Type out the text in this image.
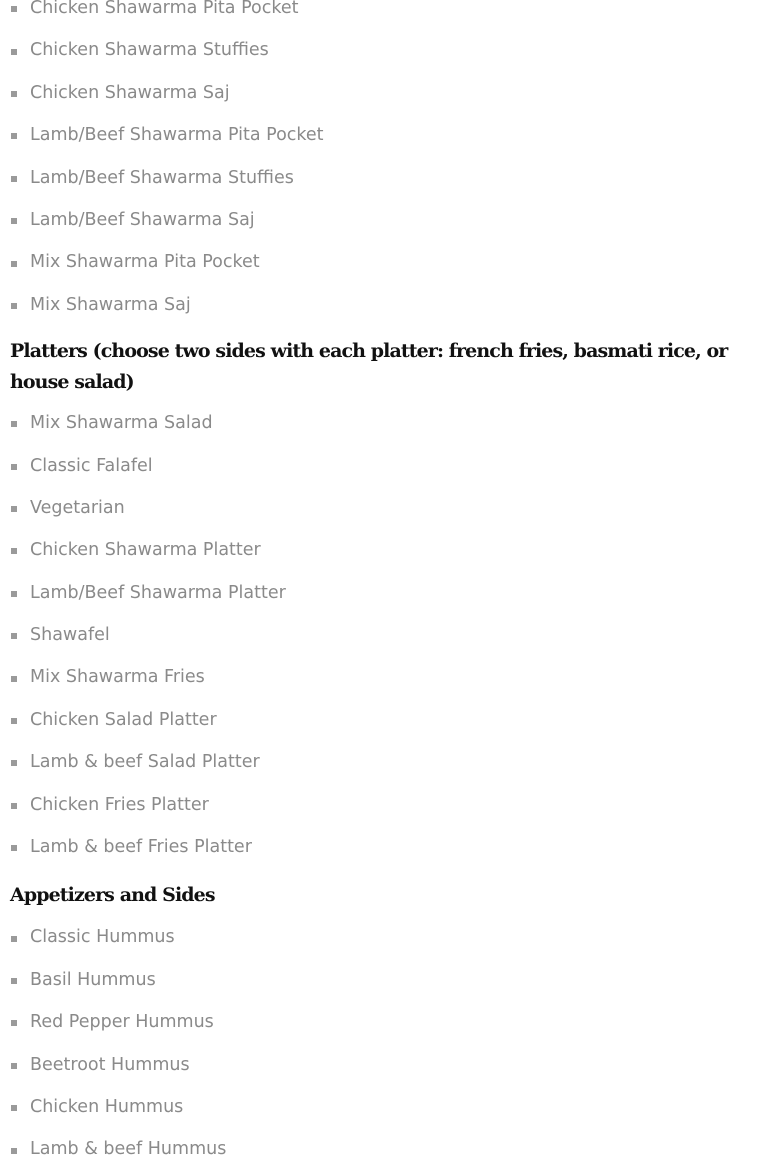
Chicken Shawarma Pita Pocket
Chicken Shawarma Stuffies
Chicken Shawarma Saj
Lamb/Beef Shawarma Pita Pocket
Lamb/Beef Shawarma Stuffies
Lamb/Beef Shawarma Saj
Mix Shawarma Pita Pocket
Mix Shawarma Saj
Platters (choose two sides with each platter: french fries, basmati rice, or house salad)
Mix Shawarma Salad
Classic Falafel
Vegetarian
Chicken Shawarma Platter
Lamb/Beef Shawarma Platter
Shawafel
Mix Shawarma Fries
Chicken Salad Platter
Lamb & beef Salad Platter
Chicken Fries Platter
Lamb & beef Fries Platter
Appetizers and Sides
Classic Hummus
Basil Hummus
Red Pepper Hummus
Beetroot Hummus
Chicken Hummus
Lamb & beef Hummus
